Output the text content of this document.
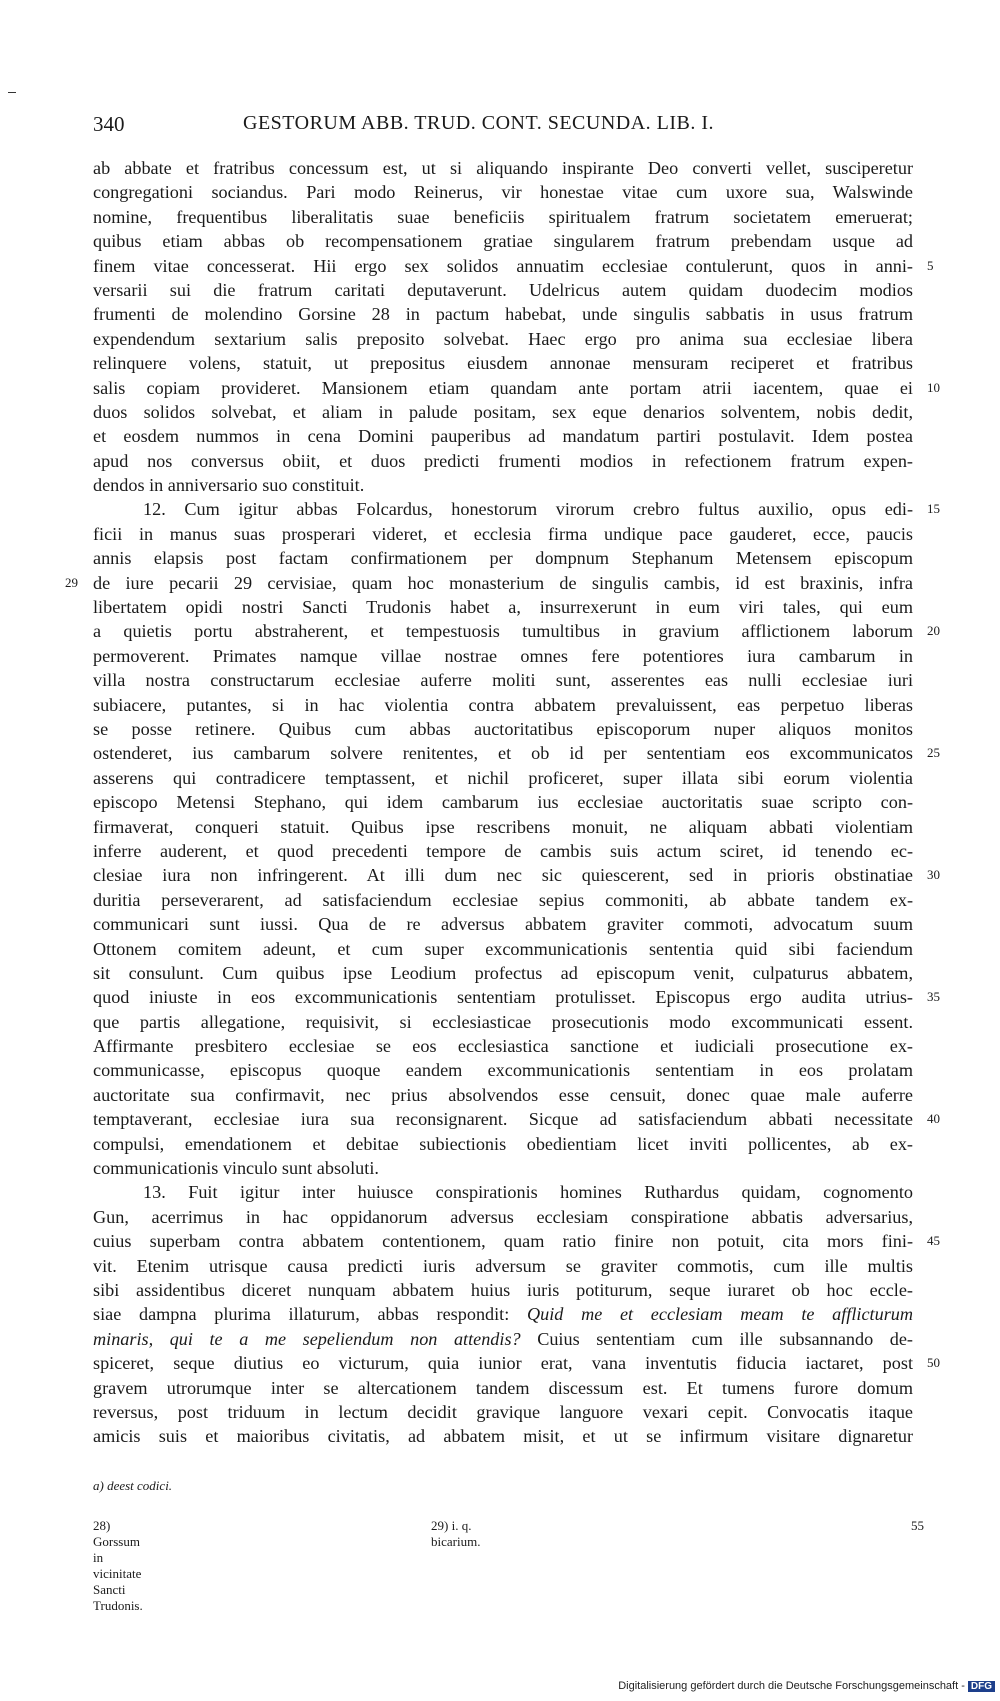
340	GESTORUM ABB. TRUD. CONT. SECUNDA. LIB. I.
ab abbate et fratribus concessum est, ut si aliquando inspirante Deo converti vellet, susciperetur
congregationi sociandus. Pari modo Reinerus, vir honestae vitae cum uxore sua, Walswinde
nomine, frequentibus liberalitatis suae beneficiis spiritualem fratrum societatem emeruerat;
quibus etiam abbas ob recompensationem gratiae singularem fratrum prebendam usque ad
finem vitae concesserat. Hii ergo sex solidos annuatim ecclesiae contulerunt, quos in anni- 5
versarii sui die fratrum caritati deputaverunt. Udelricus autem quidam duodecim modios
frumenti de molendino Gorsine 28 in pactum habebat, unde singulis sabbatis in usus fratrum
expendendum sextarium salis preposito solvebat. Haec ergo pro anima sua ecclesiae libera
relinquere volens, statuit, ut prepositus eiusdem annonae mensuram reciperet et fratribus
salis copiam provideret. Mansionem etiam quandam ante portam atrii iacentem, quae ei 10
duos solidos solvebat, et aliam in palude positam, sex eque denarios solventem, nobis dedit,
et eosdem nummos in cena Domini pauperibus ad mandatum partiri postulavit. Idem postea
apud nos conversus obiit, et duos predicti frumenti modios in refectionem fratrum expen-
dendos in anniversario suo constituit.
12. Cum igitur abbas Folcardus, honestorum virorum crebro fultus auxilio, opus edi- 15
ficii in manus suas prosperari videret, et ecclesia firma undique pace gauderet, ecce, paucis
annis elapsis post factam confirmationem per dompnum Stephanum Metensem episcopum
de iure pecarii 29 cervisiae, quam hoc monasterium de singulis cambis, id est braxinis, infra
29
libertatem opidi nostri Sancti Trudonis habet a, insurrexerunt in eum viri tales, qui eum
a quietis portu abstraherent, et tempestuosis tumultibus in gravium afflictionem laborum 20
permoverent. Primates namque villae nostrae omnes fere potentiores iura cambarum in
villa nostra constructarum ecclesiae auferre moliti sunt, asserentes eas nulli ecclesiae iuri
subiacere, putantes, si in hac violentia contra abbatem prevaluissent, eas perpetuo liberas
se posse retinere. Quibus cum abbas auctoritatibus episcoporum nuper aliquos monitos
ostenderet, ius cambarum solvere renitentes, et ob id per sententiam eos excommunicatos 25
asserens qui contradicere temptassent, et nichil proficeret, super illata sibi eorum violentia
episcopo Metensi Stephano, qui idem cambarum ius ecclesiae auctoritatis suae scripto con-
firmaverat, conqueri statuit. Quibus ipse rescribens monuit, ne aliquam abbati violentiam
inferre auderent, et quod precedenti tempore de cambis suis actum sciret, id tenendo ec-
clesiae iura non infringerent. At illi dum nec sic quiescerent, sed in prioris obstinatiae 30
duritia perseverarent, ad satisfaciendum ecclesiae sepius commoniti, ab abbate tandem ex-
communicari sunt iussi. Qua de re adversus abbatem graviter commoti, advocatum suum
Ottonem comitem adeunt, et cum super excommunicationis sententia quid sibi faciendum
sit consulunt. Cum quibus ipse Leodium profectus ad episcopum venit, culpaturus abbatem,
quod iniuste in eos excommunicationis sententiam protulisset. Episcopus ergo audita utrius- 35
que partis allegatione, requisivit, si ecclesiasticae prosecutionis modo excommunicati essent.
Affirmante presbitero ecclesiae se eos ecclesiastica sanctione et iudiciali prosecutione ex-
communicasse, episcopus quoque eandem excommunicationis sententiam in eos prolatam
auctoritate sua confirmavit, nec prius absolvendos esse censuit, donec quae male auferre
temptaverant, ecclesiae iura sua reconsignarent. Sicque ad satisfaciendum abbati necessitate 40
compulsi, emendationem et debitae subiectionis obedientiam licet inviti pollicentes, ab ex-
communicationis vinculo sunt absoluti.
13. Fuit igitur inter huiusce conspirationis homines Ruthardus quidam, cognomento
Gun, acerrimus in hac oppidanorum adversus ecclesiam conspiratione abbatis adversarius,
cuius superbam contra abbatem contentionem, quam ratio finire non potuit, cita mors fini- 45
vit. Etenim utrisque causa predicti iuris adversum se graviter commotis, cum ille multis
sibi assidentibus diceret nunquam abbatem huius iuris potiturum, seque iuraret ob hoc eccle-
siae dampna plurima illaturum, abbas respondit: Quid me et ecclesiam meam te afflicturum
minaris, qui te a me sepeliendum non attendis? Cuius sententiam cum ille subsannando de-
spiceret, seque diutius eo victurum, quia iunior erat, vana inventutis fiducia iactaret, post 50
gravem utrorumque inter se altercationem tandem discessum est. Et tumens furore domum
reversus, post triduum in lectum decidit gravique languore vexari cepit. Convocatis itaque
amicis suis et maioribus civitatis, ad abbatem misit, et ut se infirmum visitare dignaretur
a) deest codici.
28) Gorssum in vicinitate Sancti Trudonis.
29) i. q. bicarium.
55
Digitalisierung gefördert durch die Deutsche Forschungsgemeinschaft - DFG
